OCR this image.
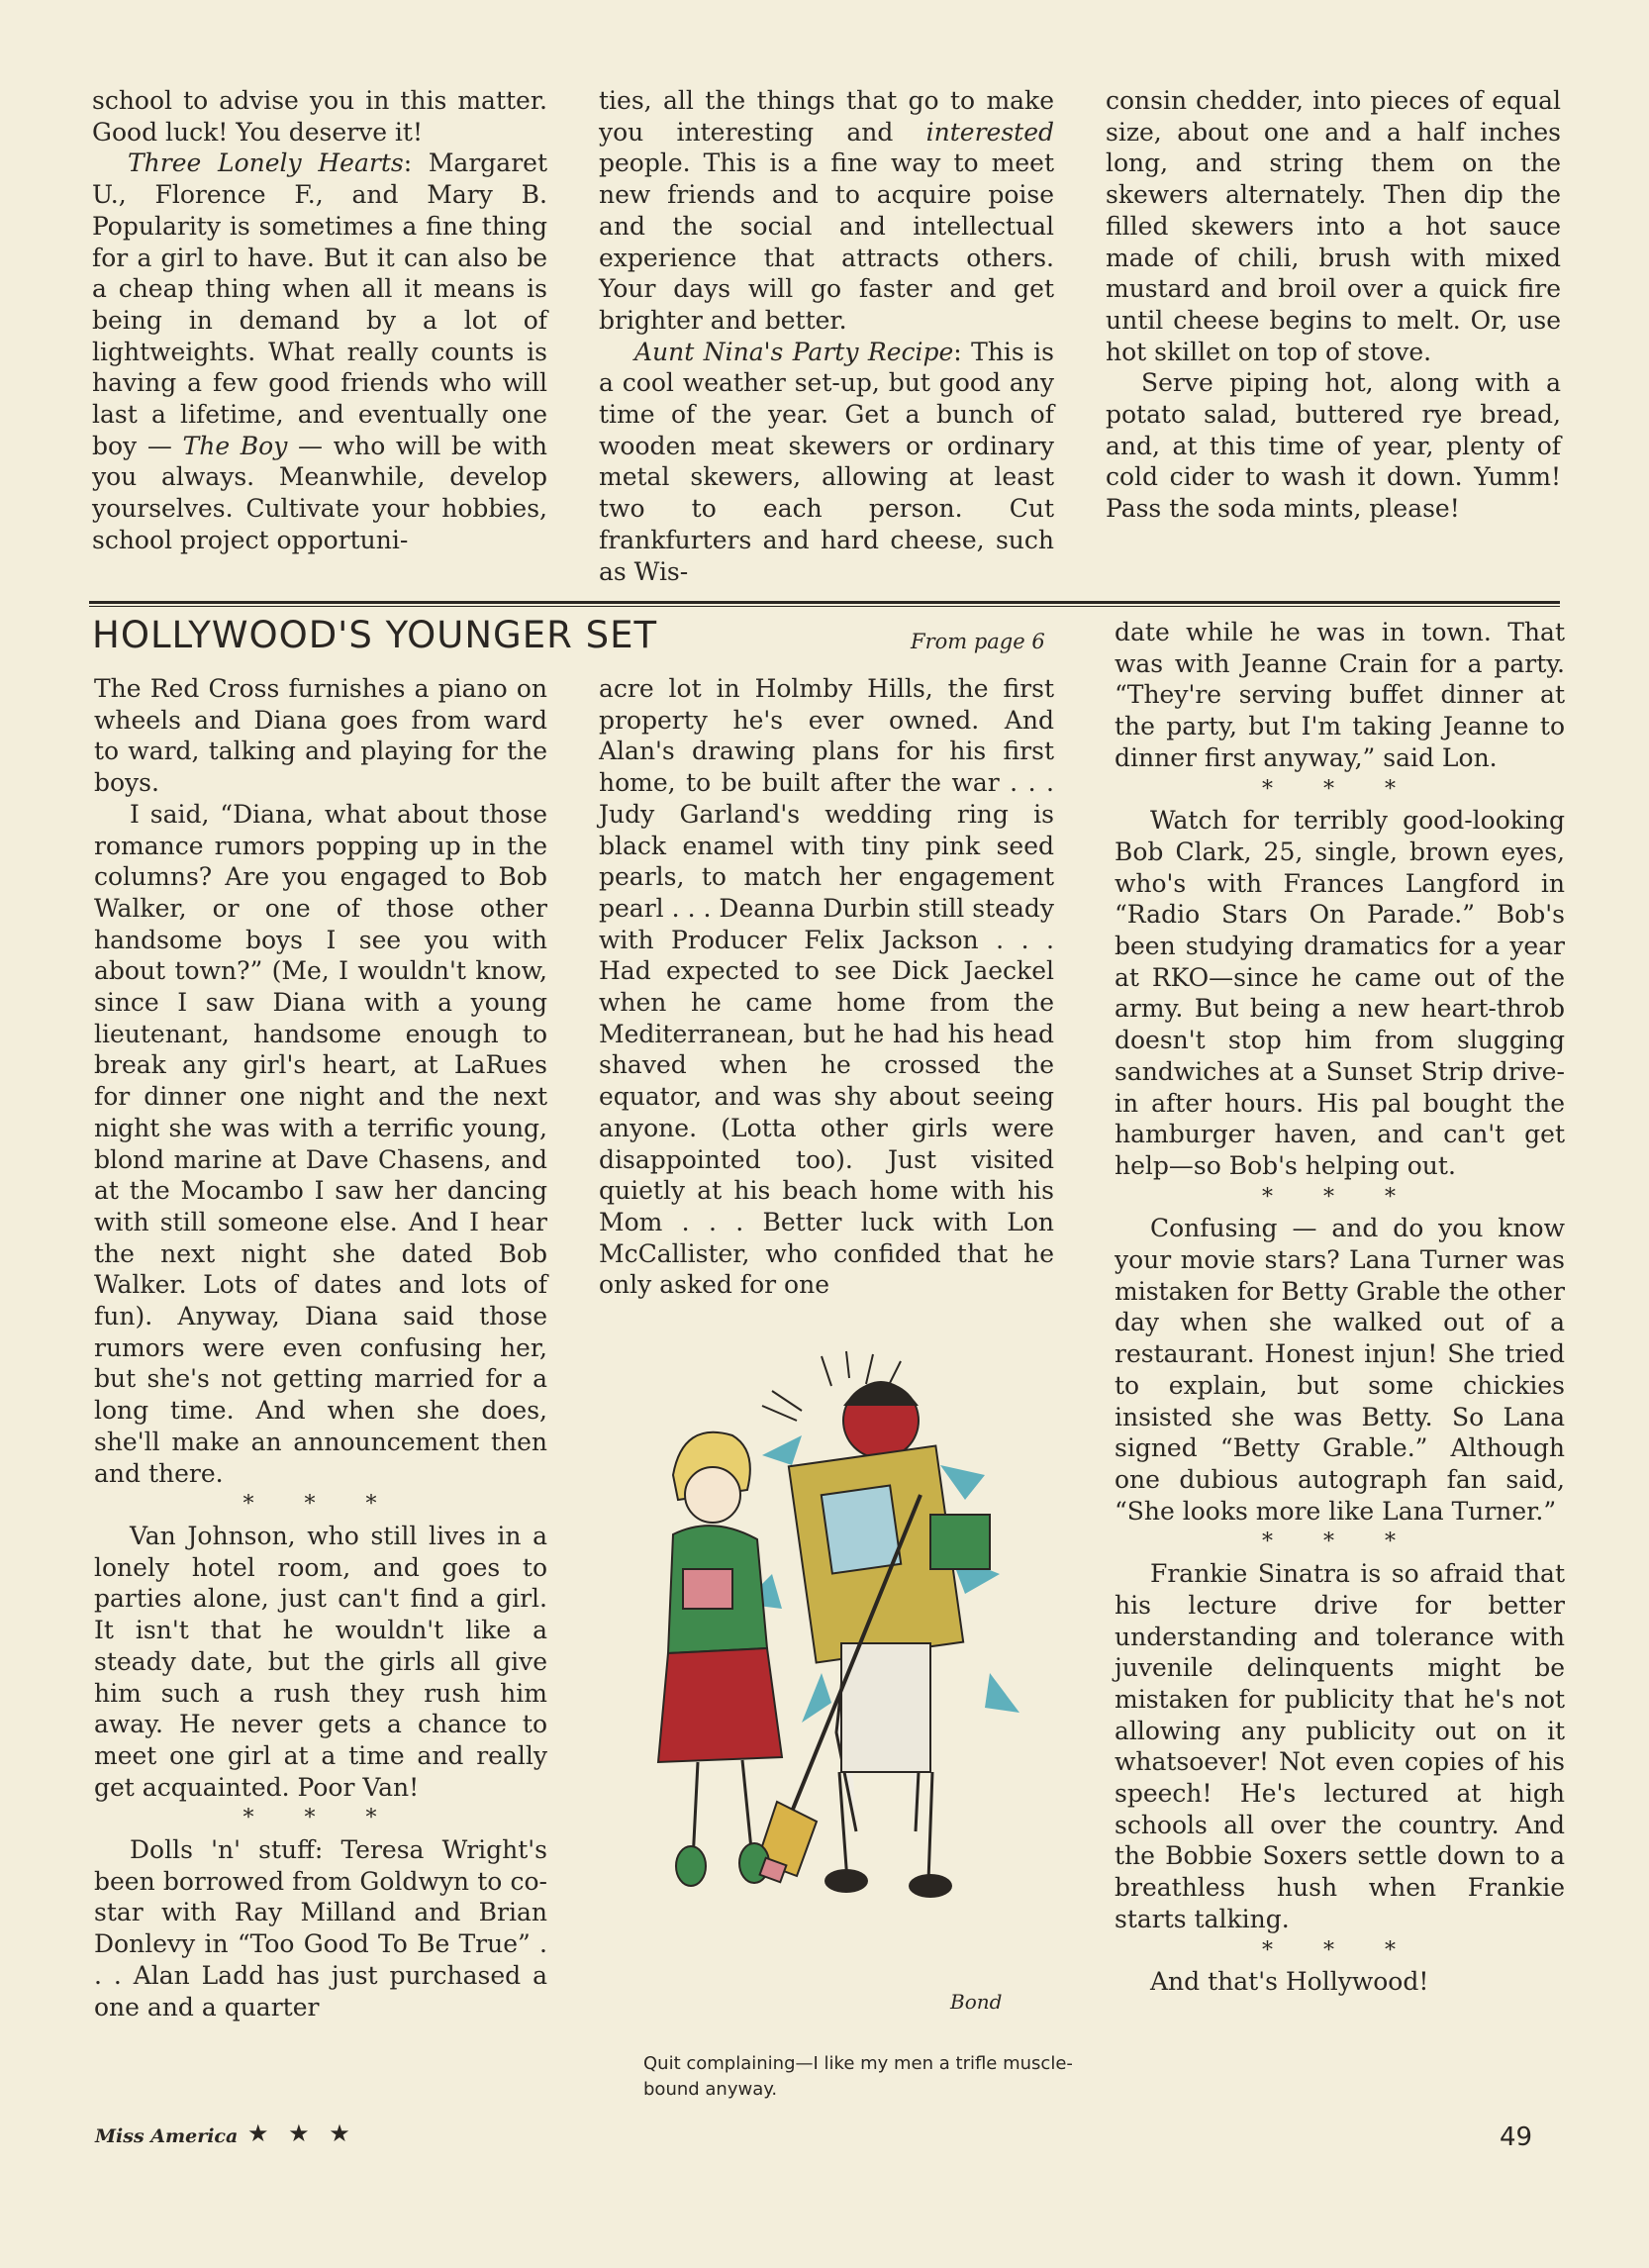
school to advise you in this matter. Good luck! You deserve it!

Three Lonely Hearts: Margaret U., Florence F., and Mary B. Popularity is sometimes a fine thing for a girl to have. But it can also be a cheap thing when all it means is being in demand by a lot of lightweights. What really counts is having a few good friends who will last a lifetime, and eventually one boy — The Boy — who will be with you always. Meanwhile, develop yourselves. Cultivate your hobbies, school project opportuni-

ties, all the things that go to make you interesting and interested people. This is a fine way to meet new friends and to acquire poise and the social and intellectual experience that attracts others. Your days will go faster and get brighter and better.

Aunt Nina's Party Recipe: This is a cool weather set-up, but good any time of the year. Get a bunch of wooden meat skewers or ordinary metal skewers, allowing at least two to each person. Cut frankfurters and hard cheese, such as Wis-

consin chedder, into pieces of equal size, about one and a half inches long, and string them on the skewers alternately. Then dip the filled skewers into a hot sauce made of chili, brush with mixed mustard and broil over a quick fire until cheese begins to melt. Or, use hot skillet on top of stove.

Serve piping hot, along with a potato salad, buttered rye bread, and, at this time of year, plenty of cold cider to wash it down. Yumm! Pass the soda mints, please!

HOLLYWOOD'S YOUNGER SET	From page 6

The Red Cross furnishes a piano on wheels and Diana goes from ward to ward, talking and playing for the boys.

I said, “Diana, what about those romance rumors popping up in the columns? Are you engaged to Bob Walker, or one of those other handsome boys I see you with about town?” (Me, I wouldn't know, since I saw Diana with a young lieutenant, handsome enough to break any girl's heart, at LaRues for dinner one night and the next night she was with a terrific young, blond marine at Dave Chasens, and at the Mocambo I saw her dancing with still someone else. And I hear the next night she dated Bob Walker. Lots of dates and lots of fun). Anyway, Diana said those rumors were even confusing her, but she's not getting married for a long time. And when she does, she'll make an announcement then and there.

* * *

Van Johnson, who still lives in a lonely hotel room, and goes to parties alone, just can't find a girl. It isn't that he wouldn't like a steady date, but the girls all give him such a rush they rush him away. He never gets a chance to meet one girl at a time and really get acquainted. Poor Van!

* * *

Dolls 'n' stuff: Teresa Wright's been borrowed from Goldwyn to co-star with Ray Milland and Brian Donlevy in “Too Good To Be True” . . . Alan Ladd has just purchased a one and a quarter

acre lot in Holmby Hills, the first property he's ever owned. And Alan's drawing plans for his first home, to be built after the war . . . Judy Garland's wedding ring is black enamel with tiny pink seed pearls, to match her engagement pearl . . . Deanna Durbin still steady with Producer Felix Jackson . . . Had expected to see Dick Jaeckel when he came home from the Mediterranean, but he had his head shaved when he crossed the equator, and was shy about seeing anyone. (Lotta other girls were disappointed too). Just visited quietly at his beach home with his Mom . . . Better luck with Lon McCallister, who confided that he only asked for one

Bond
Quit complaining—I like my men a trifle muscle-bound anyway.

date while he was in town. That was with Jeanne Crain for a party. “They're serving buffet dinner at the party, but I'm taking Jeanne to dinner first anyway,” said Lon.

* * *

Watch for terribly good-looking Bob Clark, 25, single, brown eyes, who's with Frances Langford in “Radio Stars On Parade.” Bob's been studying dramatics for a year at RKO—since he came out of the army. But being a new heart-throb doesn't stop him from slugging sandwiches at a Sunset Strip drive-in after hours. His pal bought the hamburger haven, and can't get help—so Bob's helping out.

* * *

Confusing — and do you know your movie stars? Lana Turner was mistaken for Betty Grable the other day when she walked out of a restaurant. Honest injun! She tried to explain, but some chickies insisted she was Betty. So Lana signed “Betty Grable.” Although one dubious autograph fan said, “She looks more like Lana Turner.”

* * *

Frankie Sinatra is so afraid that his lecture drive for better understanding and tolerance with juvenile delinquents might be mistaken for publicity that he's not allowing any publicity out on it whatsoever! Not even copies of his speech! He's lectured at high schools all over the country. And the Bobbie Soxers settle down to a breathless hush when Frankie starts talking.

* * *

And that's Hollywood!

Miss America ★ ★ ★	49
